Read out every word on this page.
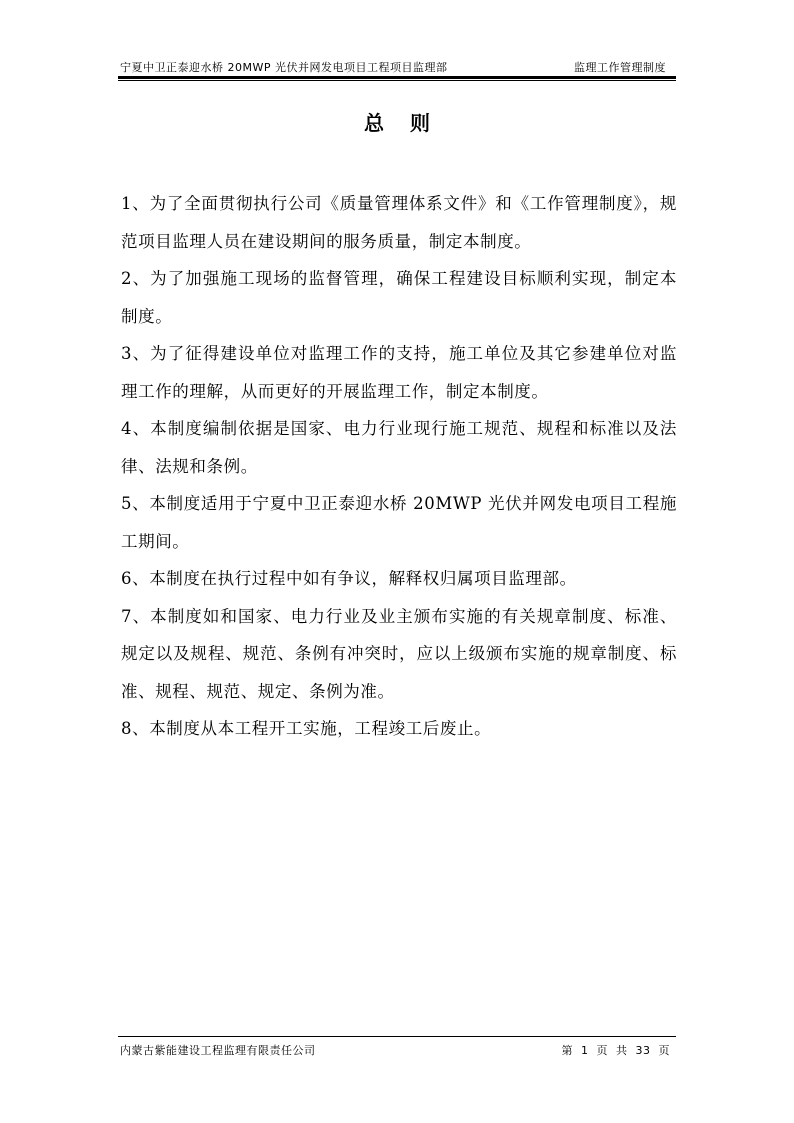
宁夏中卫正泰迎水桥 20MWP 光伏并网发电项目工程项目监理部	监理工作管理制度
总则

1、为了全面贯彻执行公司《质量管理体系文件》和《工作管理制度》，规范项目监理人员在建设期间的服务质量，制定本制度。

2、为了加强施工现场的监督管理，确保工程建设目标顺利实现，制定本制度。

3、为了征得建设单位对监理工作的支持，施工单位及其它参建单位对监理工作的理解，从而更好的开展监理工作，制定本制度。

4、本制度编制依据是国家、电力行业现行施工规范、规程和标准以及法律、法规和条例。

5、本制度适用于宁夏中卫正泰迎水桥 20MWP 光伏并网发电项目工程施工期间。

6、本制度在执行过程中如有争议，解释权归属项目监理部。

7、本制度如和国家、电力行业及业主颁布实施的有关规章制度、标准、规定以及规程、规范、条例有冲突时，应以上级颁布实施的规章制度、标准、规程、规范、规定、条例为准。

8、本制度从本工程开工实施，工程竣工后废止。

内蒙古紫能建设工程监理有限责任公司	第 1 页 共 33 页
